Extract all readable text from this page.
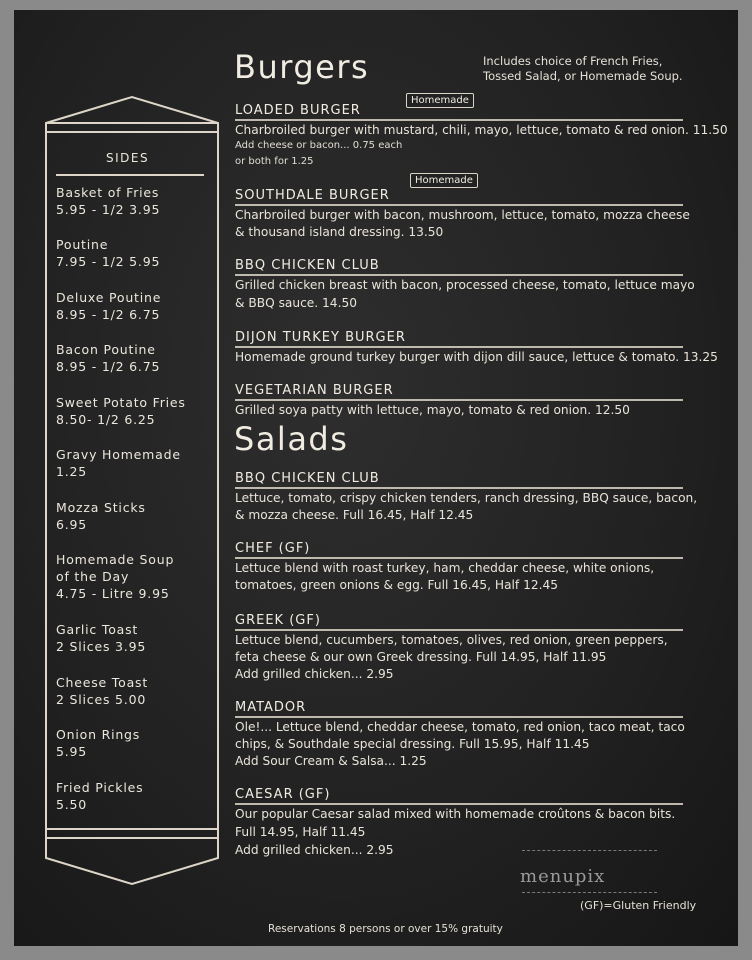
SIDES
Basket of Fries
5.95 - 1/2 3.95
Poutine
7.95 - 1/2 5.95
Deluxe Poutine
8.95 - 1/2 6.75
Bacon Poutine
8.95 - 1/2 6.75
Sweet Potato Fries
8.50- 1/2 6.25
Gravy Homemade
1.25
Mozza Sticks
6.95
Homemade Soup
of the Day
4.75 - Litre 9.95
Garlic Toast
2 Slices 3.95
Cheese Toast
2 Slices 5.00
Onion Rings
5.95
Fried Pickles
5.50
Burgers	Includes choice of French Fries,
Tossed Salad, or Homemade Soup.
LOADED BURGER
Homemade
Charbroiled burger with mustard, chili, mayo, lettuce, tomato & red onion. 11.50
Add cheese or bacon... 0.75 each
or both for 1.25
SOUTHDALE BURGER
Homemade
Charbroiled burger with bacon, mushroom, lettuce, tomato, mozza cheese
& thousand island dressing. 13.50
BBQ CHICKEN CLUB
Grilled chicken breast with bacon, processed cheese, tomato, lettuce mayo
& BBQ sauce. 14.50
DIJON TURKEY BURGER
Homemade ground turkey burger with dijon dill sauce, lettuce & tomato. 13.25
VEGETARIAN BURGER
Grilled soya patty with lettuce, mayo, tomato & red onion. 12.50
Salads
BBQ CHICKEN CLUB
Lettuce, tomato, crispy chicken tenders, ranch dressing, BBQ sauce, bacon,
& mozza cheese. Full 16.45, Half 12.45
CHEF (GF)
Lettuce blend with roast turkey, ham, cheddar cheese, white onions,
tomatoes, green onions & egg. Full 16.45, Half 12.45
GREEK (GF)
Lettuce blend, cucumbers, tomatoes, olives, red onion, green peppers,
feta cheese & our own Greek dressing. Full 14.95, Half 11.95
Add grilled chicken... 2.95
MATADOR
Ole!... Lettuce blend, cheddar cheese, tomato, red onion, taco meat, taco
chips, & Southdale special dressing. Full 15.95, Half 11.45
Add Sour Cream & Salsa... 1.25
CAESAR (GF)
Our popular Caesar salad mixed with homemade croûtons & bacon bits.
Full 14.95, Half 11.45
Add grilled chicken... 2.95
menupix
(GF)=Gluten Friendly
Reservations 8 persons or over 15% gratuity
